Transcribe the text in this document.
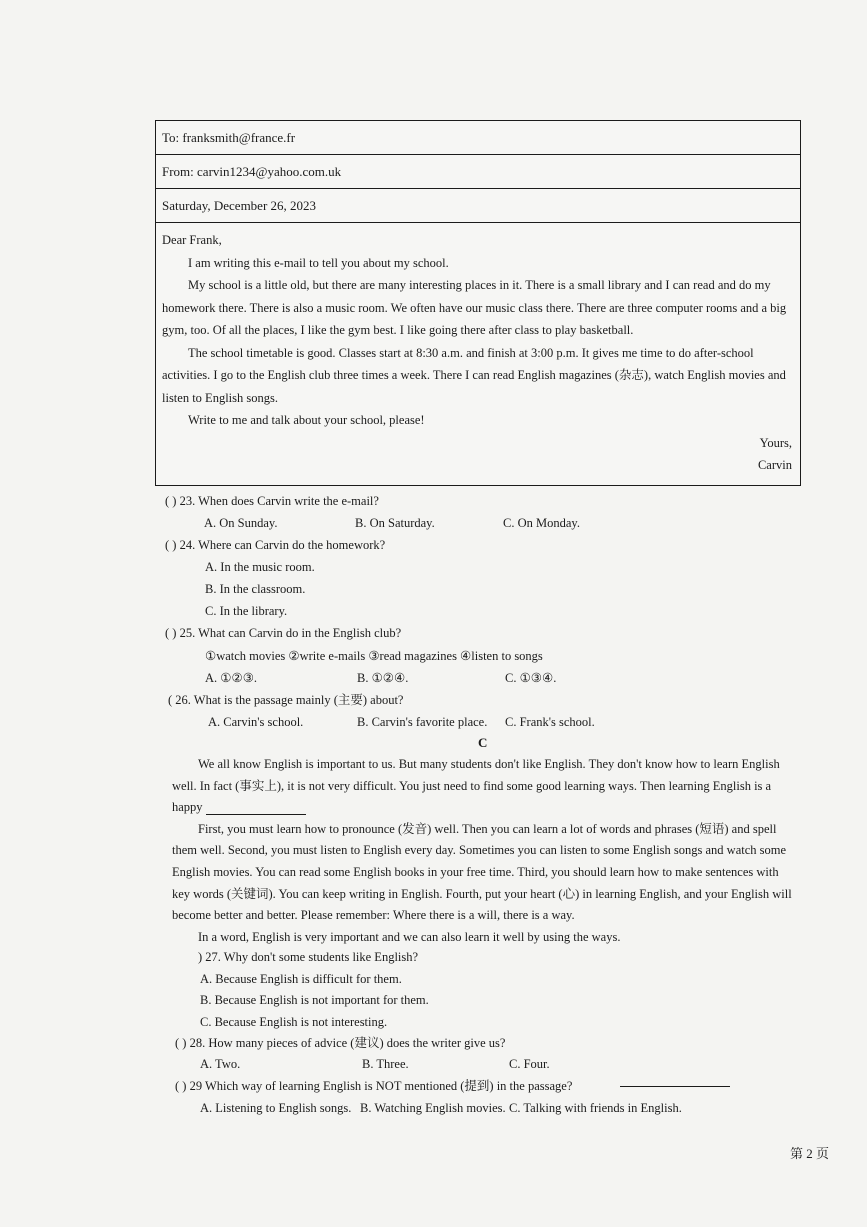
To: franksmith@france.fr
From: carvin1234@yahoo.com.uk
Saturday, December 26, 2023

Dear Frank,

I am writing this e-mail to tell you about my school.

My school is a little old, but there are many interesting places in it. There is a small library and I can read and do my homework there. There is also a music room. We often have our music class there. There are three computer rooms and a big gym, too. Of all the places, I like the gym best. I like going there after class to play basketball.

The school timetable is good. Classes start at 8:30 a.m. and finish at 3:00 p.m. It gives me time to do after-school activities. I go to the English club three times a week. There I can read English magazines (杂志), watch English movies and listen to English songs.

Write to me and talk about your school, please!

Yours,

Carvin

( ) 23. When does Carvin write the e-mail?
A. On Sunday.	B. On Saturday.	C. On Monday.
( ) 24. Where can Carvin do the homework?
A. In the music room.
B. In the classroom.
C. In the library.
( ) 25. What can Carvin do in the English club?
①watch movies ②write e-mails ③read magazines ④listen to songs
A. ①②③.	B. ①②④.	C. ①③④.
( 26. What is the passage mainly (主要) about?
A. Carvin's school.	B. Carvin's favorite place. C. Frank's school.
C

We all know English is important to us. But many students don't like English. They don't know how to learn English well. In fact (事实上), it is not very difficult. You just need to find some good learning ways. Then learning English is a happy

First, you must learn how to pronounce (发音) well. Then you can learn a lot of words and phrases (短语) and spell them well. Second, you must listen to English every day. Sometimes you can listen to some English songs and watch some English movies. You can read some English books in your free time. Third, you should learn how to make sentences with key words (关键词). You can keep writing in English. Fourth, put your heart (心) in learning English, and your English will become better and better. Please remember: Where there is a will, there is a way.

In a word, English is very important and we can also learn it well by using the ways.

) 27. Why don't some students like English?
A. Because English is difficult for them.
B. Because English is not important for them.
C. Because English is not interesting.
( ) 28. How many pieces of advice (建议) does the writer give us?
A. Two.	B. Three.	C. Four.
( ) 29 Which way of learning English is NOT mentioned (提到) in the passage?
A. Listening to English songs. B. Watching English movies. C. Talking with friends in English.
第 2 页
